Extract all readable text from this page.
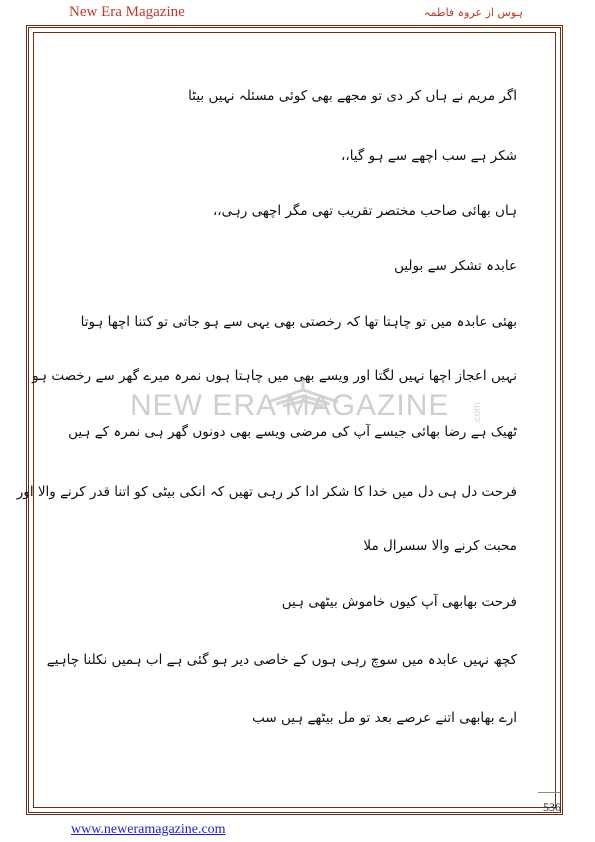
New Era Magazine	ہوس از عروہ فاطمہ
.com
NEW ERA MAGAZINE
اگر مریم نے ہاں کر دی تو مجھے بھی کوئی مسئلہ نہیں بیٹا
شکر ہے سب اچھے سے ہو گیا،،
ہاں بھائی صاحب مختصر تقریب تھی مگر اچھی رہی،،
عابدہ تشکر سے بولیں
بھئی عابدہ میں تو چاہتا تھا کہ رخصتی بھی یہی سے ہو جاتی تو کتنا اچھا ہوتا
نہیں اعجاز اچھا نہیں لگتا اور ویسے بھی میں چاہتا ہوں نمرہ میرے گھر سے رخصت ہو
ٹھیک ہے رضا بھائی جیسے آپ کی مرضی ویسے بھی دونوں گھر ہی نمرہ کے ہیں
فرحت دل ہی دل میں خدا کا شکر ادا کر رہی تھیں کہ انکی بیٹی کو اتنا قدر کرنے والا اور
محبت کرنے والا سسرال ملا
فرحت بھابھی آپ کیوں خاموش بیٹھی ہیں
کچھ نہیں عابدہ میں سوچ رہی ہوں کے خاصی دیر ہو گئی ہے اب ہمیں نکلنا چاہیے
ارے بھابھی اتنے عرصے بعد تو مل بیٹھے ہیں سب
536
www.neweramagazine.com
